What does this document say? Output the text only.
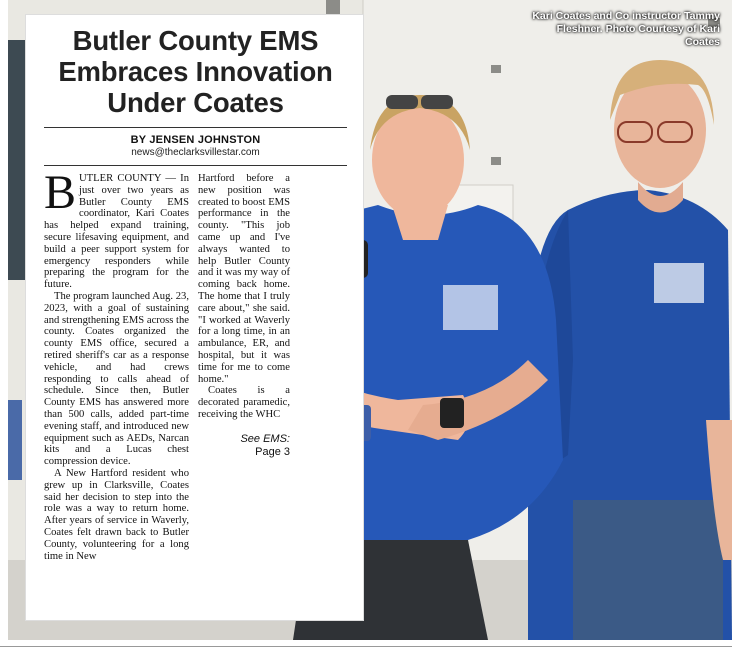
Kari Coates and Co instructor Tammy Fleshner. Photo Courtesy of Kari Coates
Butler County EMS Embraces Innovation Under Coates
BY JENSEN JOHNSTON
news@theclarksvillestar.com

BUTLER COUNTY — In just over two years as Butler County EMS coordinator, Kari Coates has helped expand training, secure lifesaving equipment, and build a peer support system for emergency responders while preparing the program for the future.

The program launched Aug. 23, 2023, with a goal of sustaining and strengthening EMS across the county. Coates organized the county EMS office, secured a retired sheriff's car as a response vehicle, and had crews responding to calls ahead of schedule. Since then, Butler County EMS has answered more than 500 calls, added part-time evening staff, and introduced new equipment such as AEDs, Narcan kits and a Lucas chest compression device.

A New Hartford resident who grew up in Clarksville, Coates said her decision to step into the role was a way to return home. After years of service in Waverly, Coates felt drawn back to Butler County, volunteering for a long time in New

Hartford before a new position was created to boost EMS performance in the county. "This job came up and I've always wanted to help Butler County and it was my way of coming back home. The home that I truly care about," she said. "I worked at Waverly for a long time, in an ambulance, ER, and hospital, but it was time for me to come home."

Coates is a decorated paramedic, receiving the WHC

See EMS:
Page 3
